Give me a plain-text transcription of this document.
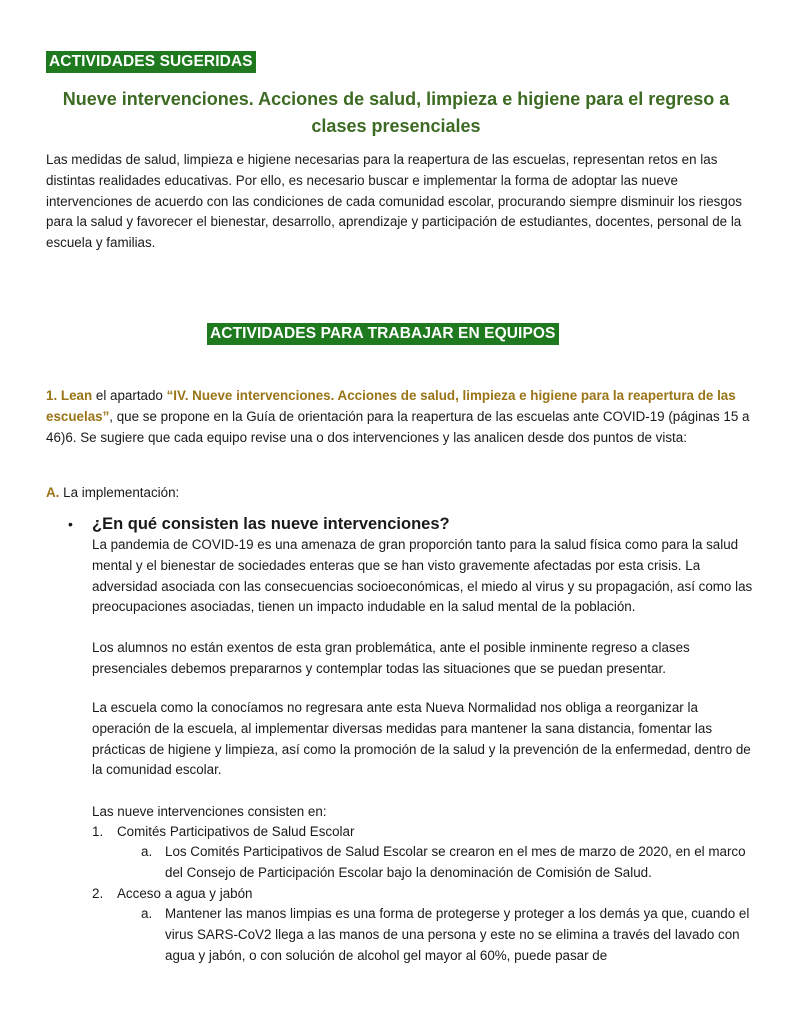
ACTIVIDADES SUGERIDAS
Nueve intervenciones. Acciones de salud, limpieza e higiene para el regreso a clases presenciales

Las medidas de salud, limpieza e higiene necesarias para la reapertura de las escuelas, representan retos en las distintas realidades educativas. Por ello, es necesario buscar e implementar la forma de adoptar las nueve intervenciones de acuerdo con las condiciones de cada comunidad escolar, procurando siempre disminuir los riesgos para la salud y favorecer el bienestar, desarrollo, aprendizaje y participación de estudiantes, docentes, personal de la escuela y familias.

ACTIVIDADES PARA TRABAJAR EN EQUIPOS

1. Lean el apartado “IV. Nueve intervenciones. Acciones de salud, limpieza e higiene para la reapertura de las escuelas”, que se propone en la Guía de orientación para la reapertura de las escuelas ante COVID-19 (páginas 15 a 46)6. Se sugiere que cada equipo revise una o dos intervenciones y las analicen desde dos puntos de vista:

A. La implementación:

• ¿En qué consisten las nueve intervenciones?

La pandemia de COVID-19 es una amenaza de gran proporción tanto para la salud física como para la salud mental y el bienestar de sociedades enteras que se han visto gravemente afectadas por esta crisis. La adversidad asociada con las consecuencias socioeconómicas, el miedo al virus y su propagación, así como las preocupaciones asociadas, tienen un impacto indudable en la salud mental de la población.

Los alumnos no están exentos de esta gran problemática, ante el posible inminente regreso a clases presenciales debemos prepararnos y contemplar todas las situaciones que se puedan presentar.

La escuela como la conocíamos no regresara ante esta Nueva Normalidad nos obliga a reorganizar la operación de la escuela, al implementar diversas medidas para mantener la sana distancia, fomentar las prácticas de higiene y limpieza, así como la promoción de la salud y la prevención de la enfermedad, dentro de la comunidad escolar.

Las nueve intervenciones consisten en:

1. Comités Participativos de Salud Escolar
a. Los Comités Participativos de Salud Escolar se crearon en el mes de marzo de 2020, en el marco del Consejo de Participación Escolar bajo la denominación de Comisión de Salud.

2. Acceso a agua y jabón
a. Mantener las manos limpias es una forma de protegerse y proteger a los demás ya que, cuando el virus SARS-CoV2 llega a las manos de una persona y este no se elimina a través del lavado con agua y jabón, o con solución de alcohol gel mayor al 60%, puede pasar de
